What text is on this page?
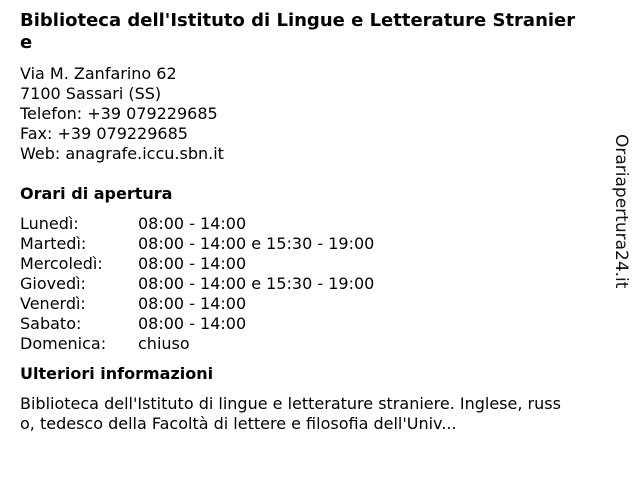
Biblioteca dell'Istituto di Lingue e Letterature Straniere
Via M. Zanfarino 62
7100 Sassari (SS)
Telefon: +39 079229685
Fax: +39 079229685
Web: anagrafe.iccu.sbn.it
Orari di apertura
Lunedì:	08:00 - 14:00
Martedì:	08:00 - 14:00 e 15:30 - 19:00
Mercoledì:	08:00 - 14:00
Giovedì:	08:00 - 14:00 e 15:30 - 19:00
Venerdì:	08:00 - 14:00
Sabato:	08:00 - 14:00
Domenica:	chiuso
Ulteriori informazioni
Biblioteca dell'Istituto di lingue e letterature straniere. Inglese, russo, tedesco della Facoltà di lettere e filosofia dell'Univ...
Orariapertura24.it
